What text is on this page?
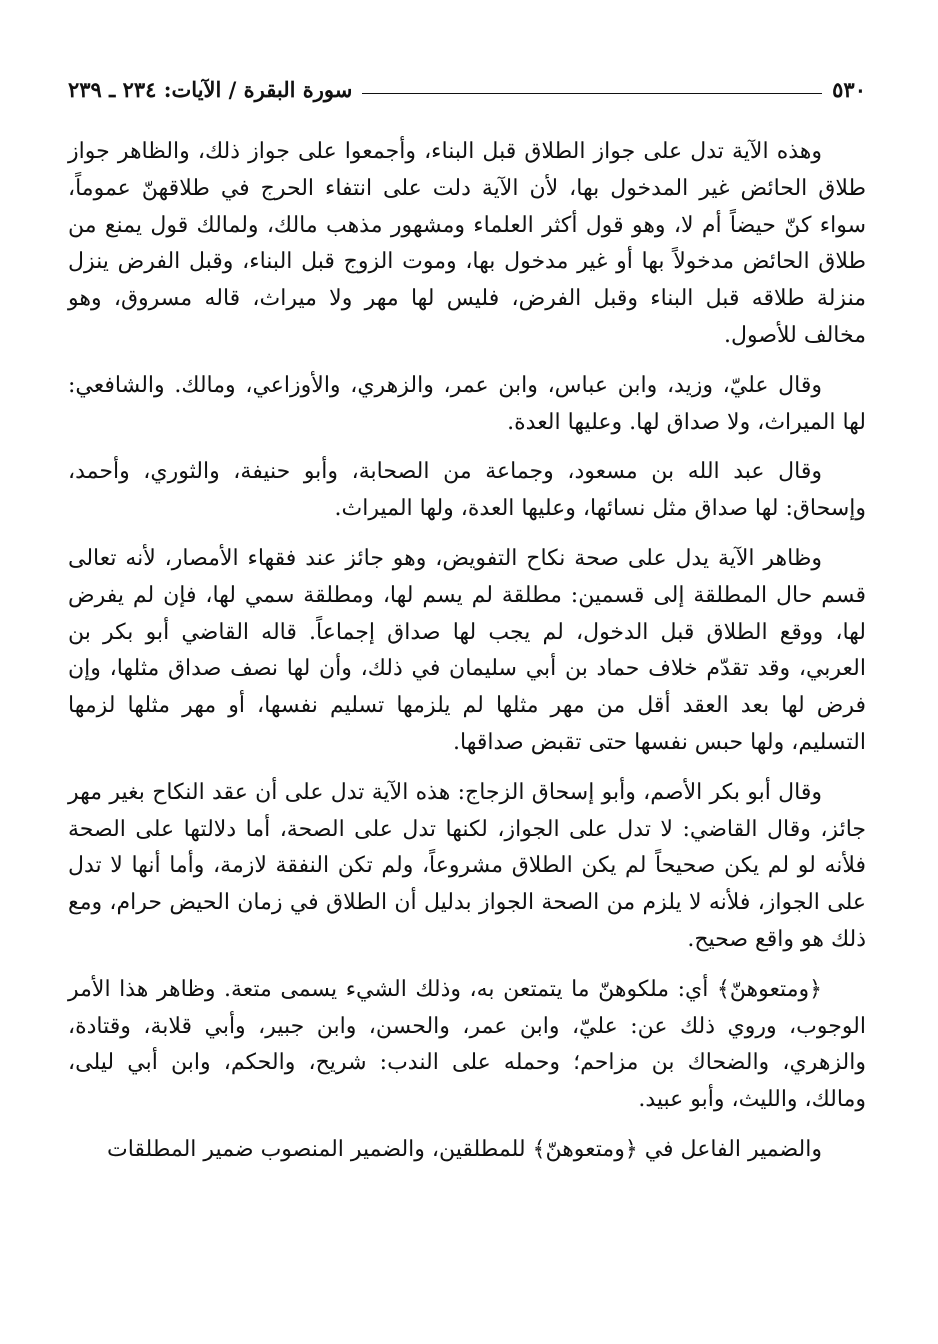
٥٣٠
سورة البقرة / الآيات: ٢٣٤ ـ ٢٣٩

وهذه الآية تدل على جواز الطلاق قبل البناء، وأجمعوا على جواز ذلك، والظاهر جواز طلاق الحائض غير المدخول بها، لأن الآية دلت على انتفاء الحرج في طلاقهنّ عموماً، سواء كنّ حيضاً أم لا، وهو قول أكثر العلماء ومشهور مذهب مالك، ولمالك قول يمنع من طلاق الحائض مدخولاً بها أو غير مدخول بها، وموت الزوج قبل البناء، وقبل الفرض ينزل منزلة طلاقه قبل البناء وقبل الفرض، فليس لها مهر ولا ميراث، قاله مسروق، وهو مخالف للأصول.

وقال عليّ، وزيد، وابن عباس، وابن عمر، والزهري، والأوزاعي، ومالك. والشافعي: لها الميراث، ولا صداق لها. وعليها العدة.

وقال عبد الله بن مسعود، وجماعة من الصحابة، وأبو حنيفة، والثوري، وأحمد، وإسحاق: لها صداق مثل نسائها، وعليها العدة، ولها الميراث.

وظاهر الآية يدل على صحة نكاح التفويض، وهو جائز عند فقهاء الأمصار، لأنه تعالى قسم حال المطلقة إلى قسمين: مطلقة لم يسم لها، ومطلقة سمي لها، فإن لم يفرض لها، ووقع الطلاق قبل الدخول، لم يجب لها صداق إجماعاً. قاله القاضي أبو بكر بن العربي، وقد تقدّم خلاف حماد بن أبي سليمان في ذلك، وأن لها نصف صداق مثلها، وإن فرض لها بعد العقد أقل من مهر مثلها لم يلزمها تسليم نفسها، أو مهر مثلها لزمها التسليم، ولها حبس نفسها حتى تقبض صداقها.

وقال أبو بكر الأصم، وأبو إسحاق الزجاج: هذه الآية تدل على أن عقد النكاح بغير مهر جائز، وقال القاضي: لا تدل على الجواز، لكنها تدل على الصحة، أما دلالتها على الصحة فلأنه لو لم يكن صحيحاً لم يكن الطلاق مشروعاً، ولم تكن النفقة لازمة، وأما أنها لا تدل على الجواز، فلأنه لا يلزم من الصحة الجواز بدليل أن الطلاق في زمان الحيض حرام، ومع ذلك هو واقع صحيح.

﴿ومتعوهنّ﴾ أي: ملكوهنّ ما يتمتعن به، وذلك الشيء يسمى متعة. وظاهر هذا الأمر الوجوب، وروي ذلك عن: عليّ، وابن عمر، والحسن، وابن جبير، وأبي قلابة، وقتادة، والزهري، والضحاك بن مزاحم؛ وحمله على الندب: شريح، والحكم، وابن أبي ليلى، ومالك، والليث، وأبو عبيد.

والضمير الفاعل في ﴿ومتعوهنّ﴾ للمطلقين، والضمير المنصوب ضمير المطلقات
